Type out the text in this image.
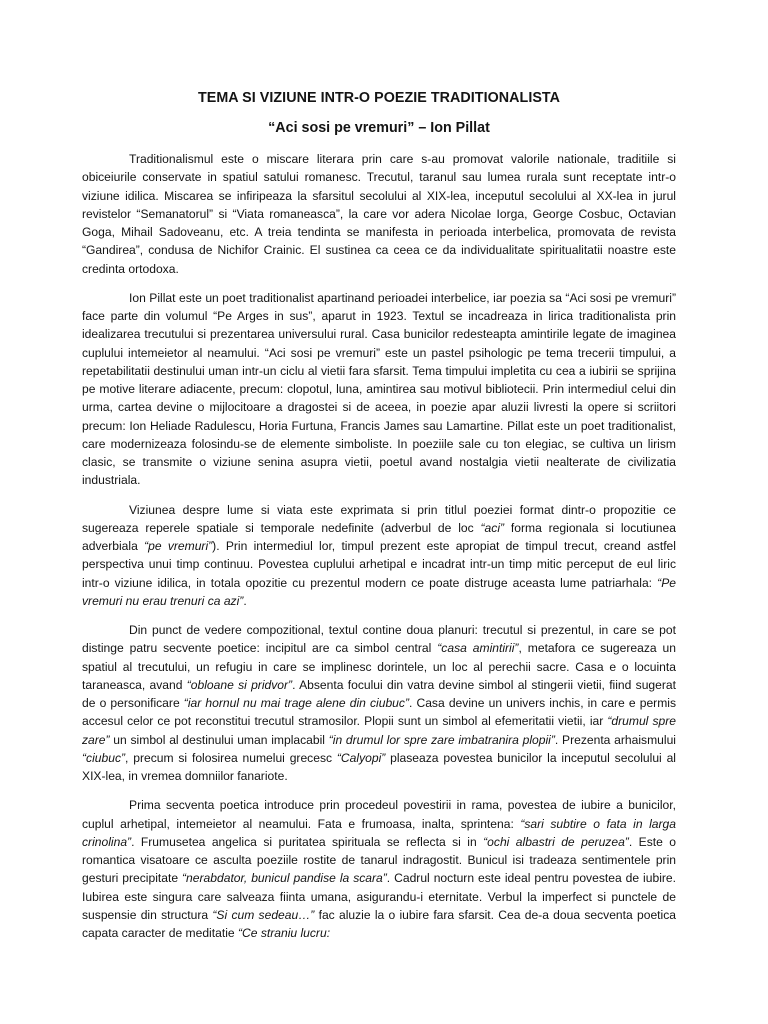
TEMA SI VIZIUNE INTR-O POEZIE TRADITIONALISTA
“Aci sosi pe vremuri” – Ion Pillat

Traditionalismul este o miscare literara prin care s-au promovat valorile nationale, traditiile si obiceiurile conservate in spatiul satului romanesc. Trecutul, taranul sau lumea rurala sunt receptate intr-o viziune idilica. Miscarea se infiripeaza la sfarsitul secolului al XIX-lea, inceputul secolului al XX-lea in jurul revistelor “Semanatorul” si “Viata romaneasca”, la care vor adera Nicolae Iorga, George Cosbuc, Octavian Goga, Mihail Sadoveanu, etc. A treia tendinta se manifesta in perioada interbelica, promovata de revista “Gandirea”, condusa de Nichifor Crainic. El sustinea ca ceea ce da individualitate spiritualitatii noastre este credinta ortodoxa.

Ion Pillat este un poet traditionalist apartinand perioadei interbelice, iar poezia sa “Aci sosi pe vremuri” face parte din volumul “Pe Arges in sus”, aparut in 1923. Textul se incadreaza in lirica traditionalista prin idealizarea trecutului si prezentarea universului rural. Casa bunicilor redesteapta amintirile legate de imaginea cuplului intemeietor al neamului. “Aci sosi pe vremuri” este un pastel psihologic pe tema trecerii timpului, a repetabilitatii destinului uman intr-un ciclu al vietii fara sfarsit. Tema timpului impletita cu cea a iubirii se sprijina pe motive literare adiacente, precum: clopotul, luna, amintirea sau motivul bibliotecii. Prin intermediul celui din urma, cartea devine o mijlocitoare a dragostei si de aceea, in poezie apar aluzii livresti la opere si scriitori precum: Ion Heliade Radulescu, Horia Furtuna, Francis James sau Lamartine. Pillat este un poet traditionalist, care modernizeaza folosindu-se de elemente simboliste. In poeziile sale cu ton elegiac, se cultiva un lirism clasic, se transmite o viziune senina asupra vietii, poetul avand nostalgia vietii nealterate de civilizatia industriala.

Viziunea despre lume si viata este exprimata si prin titlul poeziei format dintr-o propozitie ce sugereaza reperele spatiale si temporale nedefinite (adverbul de loc “aci” forma regionala si locutiunea adverbiala “pe vremuri”). Prin intermediul lor, timpul prezent este apropiat de timpul trecut, creand astfel perspectiva unui timp continuu. Povestea cuplului arhetipal e incadrat intr-un timp mitic perceput de eul liric intr-o viziune idilica, in totala opozitie cu prezentul modern ce poate distruge aceasta lume patriarhala: “Pe vremuri nu erau trenuri ca azi”.

Din punct de vedere compozitional, textul contine doua planuri: trecutul si prezentul, in care se pot distinge patru secvente poetice: incipitul are ca simbol central “casa amintirii”, metafora ce sugereaza un spatiul al trecutului, un refugiu in care se implinesc dorintele, un loc al perechii sacre. Casa e o locuinta taraneasca, avand “obloane si pridvor”. Absenta focului din vatra devine simbol al stingerii vietii, fiind sugerat de o personificare “iar hornul nu mai trage alene din ciubuc”. Casa devine un univers inchis, in care e permis accesul celor ce pot reconstitui trecutul stramosilor. Plopii sunt un simbol al efemeritatii vietii, iar “drumul spre zare” un simbol al destinului uman implacabil “in drumul lor spre zare imbatranira plopii”. Prezenta arhaismului “ciubuc”, precum si folosirea numelui grecesc “Calyopi” plaseaza povestea bunicilor la inceputul secolului al XIX-lea, in vremea domniilor fanariote.

Prima secventa poetica introduce prin procedeul povestirii in rama, povestea de iubire a bunicilor, cuplul arhetipal, intemeietor al neamului. Fata e frumoasa, inalta, sprintena: “sari subtire o fata in larga crinolina”. Frumusetea angelica si puritatea spirituala se reflecta si in “ochi albastri de peruzea”. Este o romantica visatoare ce asculta poeziile rostite de tanarul indragostit. Bunicul isi tradeaza sentimentele prin gesturi precipitate “nerabdator, bunicul pandise la scara”. Cadrul nocturn este ideal pentru povestea de iubire. Iubirea este singura care salveaza fiinta umana, asigurandu-i eternitate. Verbul la imperfect si punctele de suspensie din structura “Si cum sedeau…” fac aluzie la o iubire fara sfarsit. Cea de-a doua secventa poetica capata caracter de meditatie “Ce straniu lucru:
